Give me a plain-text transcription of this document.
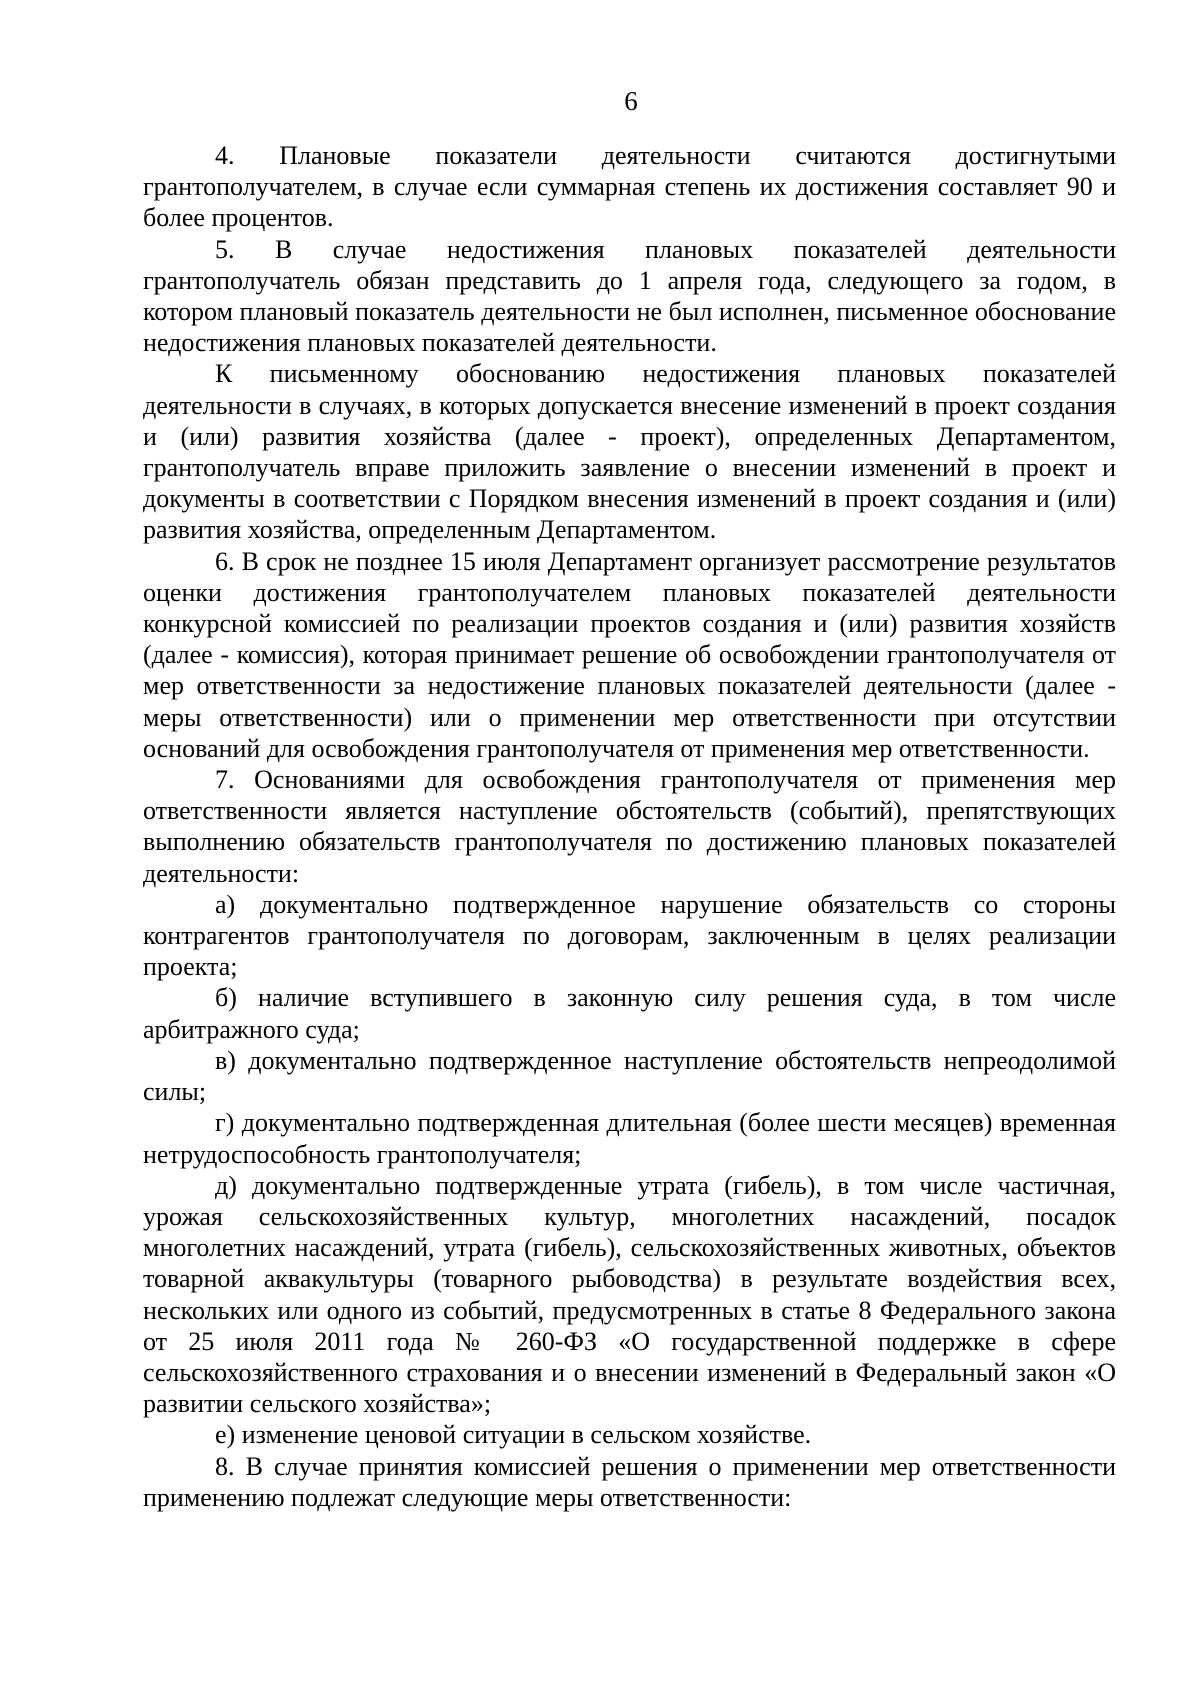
6

4. Плановые показатели деятельности считаются достигнутыми грантополучателем, в случае если суммарная степень их достижения составляет 90 и более процентов.

5. В случае недостижения плановых показателей деятельности грантополучатель обязан представить до 1 апреля года, следующего за годом, в котором плановый показатель деятельности не был исполнен, письменное обоснование недостижения плановых показателей деятельности.

К письменному обоснованию недостижения плановых показателей деятельности в случаях, в которых допускается внесение изменений в проект создания и (или) развития хозяйства (далее - проект), определенных Департаментом, грантополучатель вправе приложить заявление о внесении изменений в проект и документы в соответствии с Порядком внесения изменений в проект создания и (или) развития хозяйства, определенным Департаментом.

6. В срок не позднее 15 июля Департамент организует рассмотрение результатов оценки достижения грантополучателем плановых показателей деятельности конкурсной комиссией по реализации проектов создания и (или) развития хозяйств (далее - комиссия), которая принимает решение об освобождении грантополучателя от мер ответственности за недостижение плановых показателей деятельности (далее - меры ответственности) или о применении мер ответственности при отсутствии оснований для освобождения грантополучателя от применения мер ответственности.

7. Основаниями для освобождения грантополучателя от применения мер ответственности является наступление обстоятельств (событий), препятствующих выполнению обязательств грантополучателя по достижению плановых показателей деятельности:

а) документально подтвержденное нарушение обязательств со стороны контрагентов грантополучателя по договорам, заключенным в целях реализации проекта;

б) наличие вступившего в законную силу решения суда, в том числе арбитражного суда;

в) документально подтвержденное наступление обстоятельств непреодолимой силы;

г) документально подтвержденная длительная (более шести месяцев) временная нетрудоспособность грантополучателя;

д) документально подтвержденные утрата (гибель), в том числе частичная, урожая сельскохозяйственных культур, многолетних насаждений, посадок многолетних насаждений, утрата (гибель), сельскохозяйственных животных, объектов товарной аквакультуры (товарного рыбоводства) в результате воздействия всех, нескольких или одного из событий, предусмотренных в статье 8 Федерального закона от 25 июля 2011 года № 260-ФЗ «О государственной поддержке в сфере сельскохозяйственного страхования и о внесении изменений в Федеральный закон «О развитии сельского хозяйства»;

е) изменение ценовой ситуации в сельском хозяйстве.

8. В случае принятия комиссией решения о применении мер ответственности применению подлежат следующие меры ответственности:
